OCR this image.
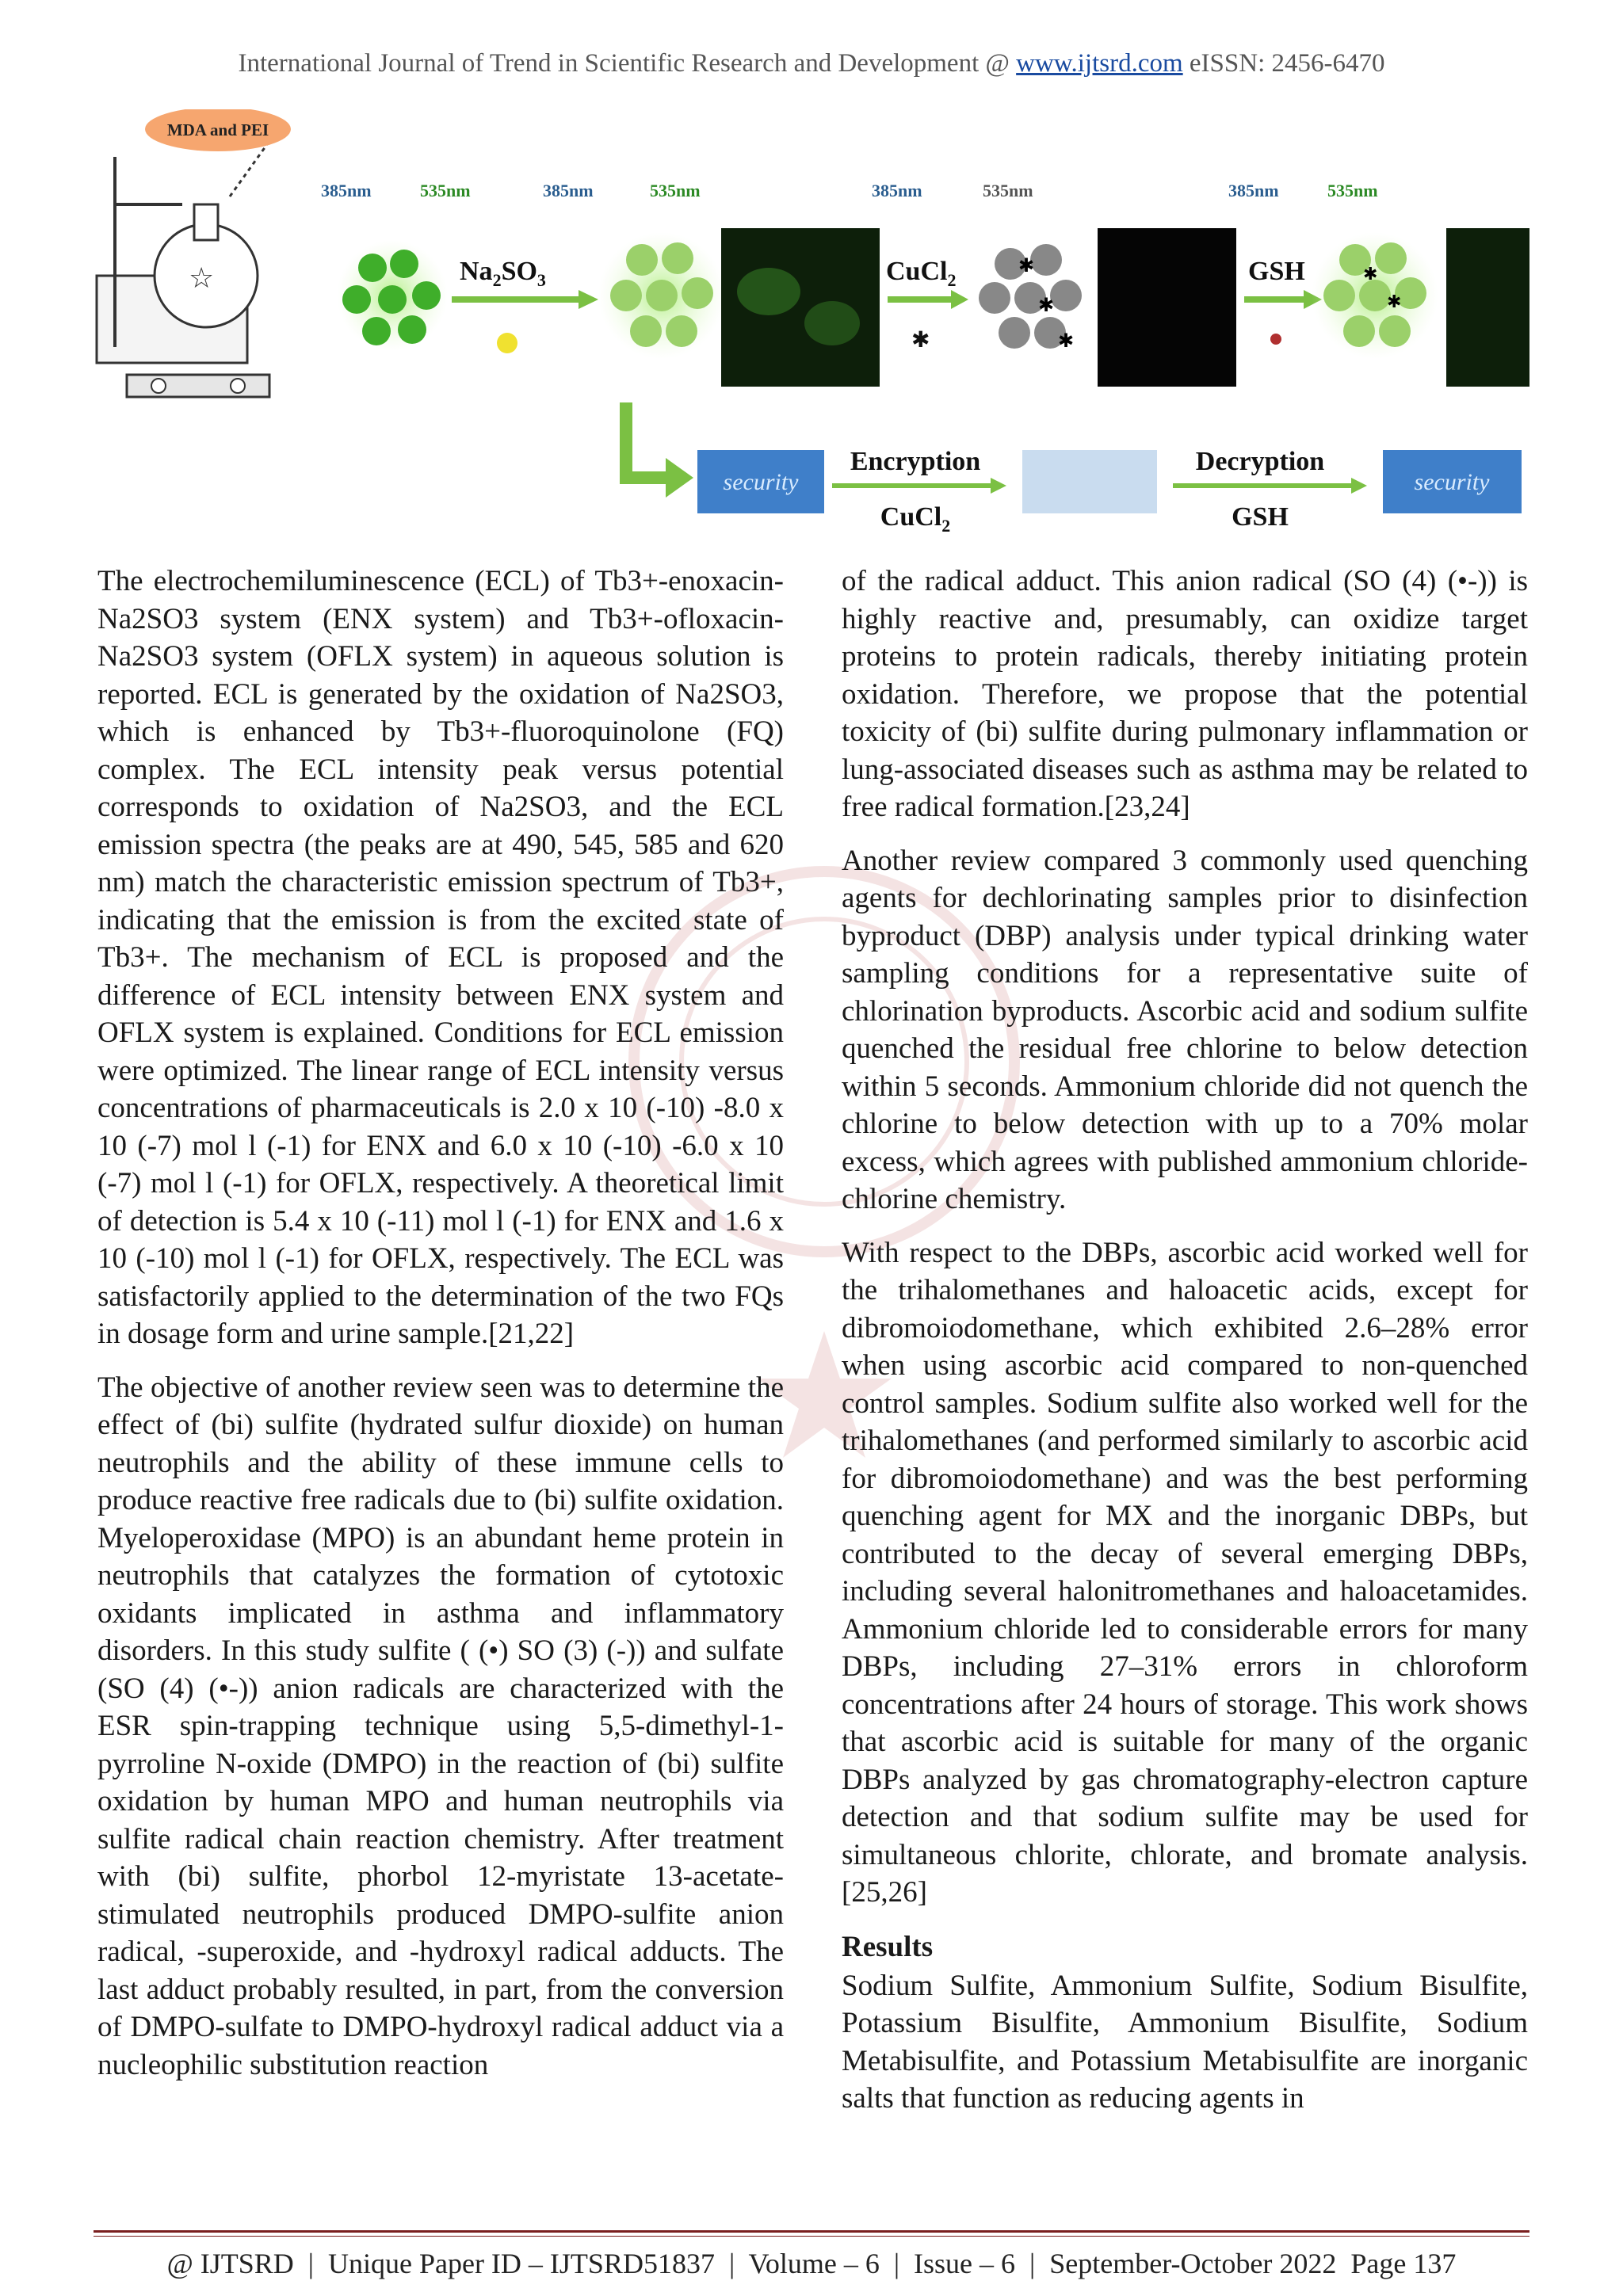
International Journal of Trend in Scientific Research and Development @ www.ijtsrd.com eISSN: 2456-6470
☆
MDA and PEI
385nm	535nm	385nm	535nm	385nm	535nm	385nm	535nm
$Na_2SO_3$	CuCl$_2$
✱
✱
✱
✱
GSH	✱
✱
security
Encryption
CuCl$_2$
Decryption
GSH
security

The electrochemiluminescence (ECL) of Tb3+-enoxacin-Na2SO3 system (ENX system) and Tb3+-ofloxacin-Na2SO3 system (OFLX system) in aqueous solution is reported. ECL is generated by the oxidation of Na2SO3, which is enhanced by Tb3+-fluoroquinolone (FQ) complex. The ECL intensity peak versus potential corresponds to oxidation of Na2SO3, and the ECL emission spectra (the peaks are at 490, 545, 585 and 620 nm) match the characteristic emission spectrum of Tb3+, indicating that the emission is from the excited state of Tb3+. The mechanism of ECL is proposed and the difference of ECL intensity between ENX system and OFLX system is explained. Conditions for ECL emission were optimized. The linear range of ECL intensity versus concentrations of pharmaceuticals is 2.0 x 10 (-10) -8.0 x 10 (-7) mol l (-1) for ENX and 6.0 x 10 (-10) -6.0 x 10 (-7) mol l (-1) for OFLX, respectively. A theoretical limit of detection is 5.4 x 10 (-11) mol l (-1) for ENX and 1.6 x 10 (-10) mol l (-1) for OFLX, respectively. The ECL was satisfactorily applied to the determination of the two FQs in dosage form and urine sample.[21,22]

The objective of another review seen was to determine the effect of (bi) sulfite (hydrated sulfur dioxide) on human neutrophils and the ability of these immune cells to produce reactive free radicals due to (bi) sulfite oxidation. Myeloperoxidase (MPO) is an abundant heme protein in neutrophils that catalyzes the formation of cytotoxic oxidants implicated in asthma and inflammatory disorders. In this study sulfite ( (•) SO (3) (-)) and sulfate (SO (4) (•-)) anion radicals are characterized with the ESR spin-trapping technique using 5,5-dimethyl-1-pyrroline N-oxide (DMPO) in the reaction of (bi) sulfite oxidation by human MPO and human neutrophils via sulfite radical chain reaction chemistry. After treatment with (bi) sulfite, phorbol 12-myristate 13-acetate-stimulated neutrophils produced DMPO-sulfite anion radical, -superoxide, and -hydroxyl radical adducts. The last adduct probably resulted, in part, from the conversion of DMPO-sulfate to DMPO-hydroxyl radical adduct via a nucleophilic substitution reaction

of the radical adduct. This anion radical (SO (4) (•-)) is highly reactive and, presumably, can oxidize target proteins to protein radicals, thereby initiating protein oxidation. Therefore, we propose that the potential toxicity of (bi) sulfite during pulmonary inflammation or lung-associated diseases such as asthma may be related to free radical formation.[23,24]

Another review compared 3 commonly used quenching agents for dechlorinating samples prior to disinfection byproduct (DBP) analysis under typical drinking water sampling conditions for a representative suite of chlorination byproducts. Ascorbic acid and sodium sulfite quenched the residual free chlorine to below detection within 5 seconds. Ammonium chloride did not quench the chlorine to below detection with up to a 70% molar excess, which agrees with published ammonium chloride-chlorine chemistry.

With respect to the DBPs, ascorbic acid worked well for the trihalomethanes and haloacetic acids, except for dibromoiodomethane, which exhibited 2.6–28% error when using ascorbic acid compared to non-quenched control samples. Sodium sulfite also worked well for the trihalomethanes (and performed similarly to ascorbic acid for dibromoiodomethane) and was the best performing quenching agent for MX and the inorganic DBPs, but contributed to the decay of several emerging DBPs, including several halonitromethanes and haloacetamides. Ammonium chloride led to considerable errors for many DBPs, including 27–31% errors in chloroform concentrations after 24 hours of storage. This work shows that ascorbic acid is suitable for many of the organic DBPs analyzed by gas chromatography-electron capture detection and that sodium sulfite may be used for simultaneous chlorite, chlorate, and bromate analysis.[25,26]

Results

Sodium Sulfite, Ammonium Sulfite, Sodium Bisulfite, Potassium Bisulfite, Ammonium Bisulfite, Sodium Metabisulfite, and Potassium Metabisulfite are inorganic salts that function as reducing agents in

@ IJTSRD  |  Unique Paper ID – IJTSRD51837  |  Volume – 6  |  Issue – 6  |  September-October 2022  Page 137
